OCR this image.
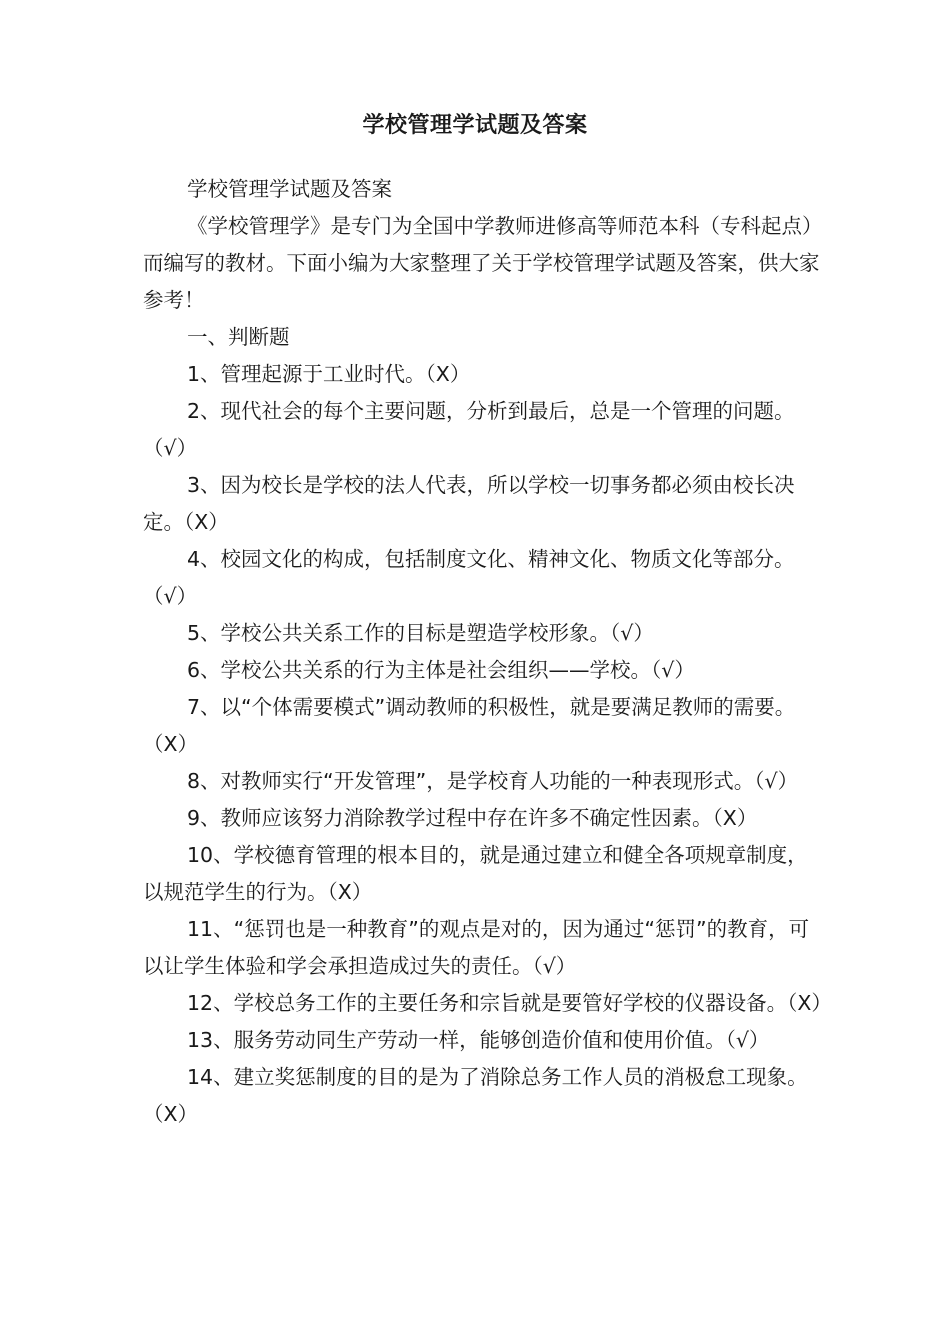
学校管理学试题及答案

学校管理学试题及答案

《学校管理学》是专门为全国中学教师进修高等师范本科（专科起点）而编写的教材。下面小编为大家整理了关于学校管理学试题及答案，供大家参考！

一、判断题

1、管理起源于工业时代。（X）

2、现代社会的每个主要问题，分析到最后，总是一个管理的问题。（√）

3、因为校长是学校的法人代表，所以学校一切事务都必须由校长决定。（X）

4、校园文化的构成，包括制度文化、精神文化、物质文化等部分。（√）

5、学校公共关系工作的目标是塑造学校形象。（√）

6、学校公共关系的行为主体是社会组织——学校。（√）

7、以“个体需要模式”调动教师的积极性，就是要满足教师的需要。（X）

8、对教师实行“开发管理”，是学校育人功能的一种表现形式。（√）

9、教师应该努力消除教学过程中存在许多不确定性因素。（X）

10、学校德育管理的根本目的，就是通过建立和健全各项规章制度，以规范学生的行为。（X）

11、“惩罚也是一种教育”的观点是对的，因为通过“惩罚”的教育，可以让学生体验和学会承担造成过失的责任。（√）

12、学校总务工作的主要任务和宗旨就是要管好学校的仪器设备。（X）

13、服务劳动同生产劳动一样，能够创造价值和使用价值。（√）

14、建立奖惩制度的目的是为了消除总务工作人员的消极怠工现象。（X）
